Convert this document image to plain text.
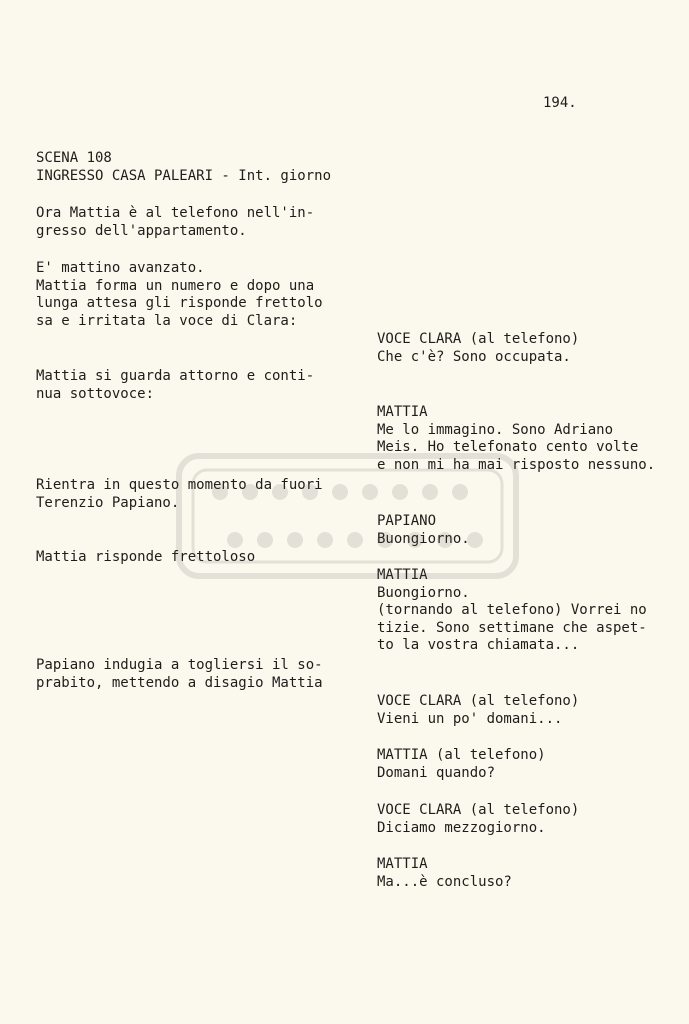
194.
SCENA 108
INGRESSO CASA PALEARI - Int. giorno
Ora Mattia è al telefono nell'in-
gresso dell'appartamento.
E' mattino avanzato.
Mattia forma un numero e dopo una
lunga attesa gli risponde frettolo
sa e irritata la voce di Clara:
Mattia si guarda attorno e conti-
nua sottovoce:
Rientra in questo momento da fuori
Terenzio Papiano.
Mattia risponde frettoloso
Papiano indugia a togliersi il so-
prabito, mettendo a disagio Mattia
VOCE CLARA (al telefono)
Che c'è? Sono occupata.
MATTIA
Me lo immagino. Sono Adriano
Meis. Ho telefonato cento volte
e non mi ha mai risposto nessuno.
PAPIANO
Buongiorno.
MATTIA
Buongiorno.
(tornando al telefono) Vorrei no
tizie. Sono settimane che aspet-
to la vostra chiamata...
VOCE CLARA (al telefono)
Vieni un po' domani...
MATTIA (al telefono)
Domani quando?
VOCE CLARA (al telefono)
Diciamo mezzogiorno.
MATTIA
Ma...è concluso?
